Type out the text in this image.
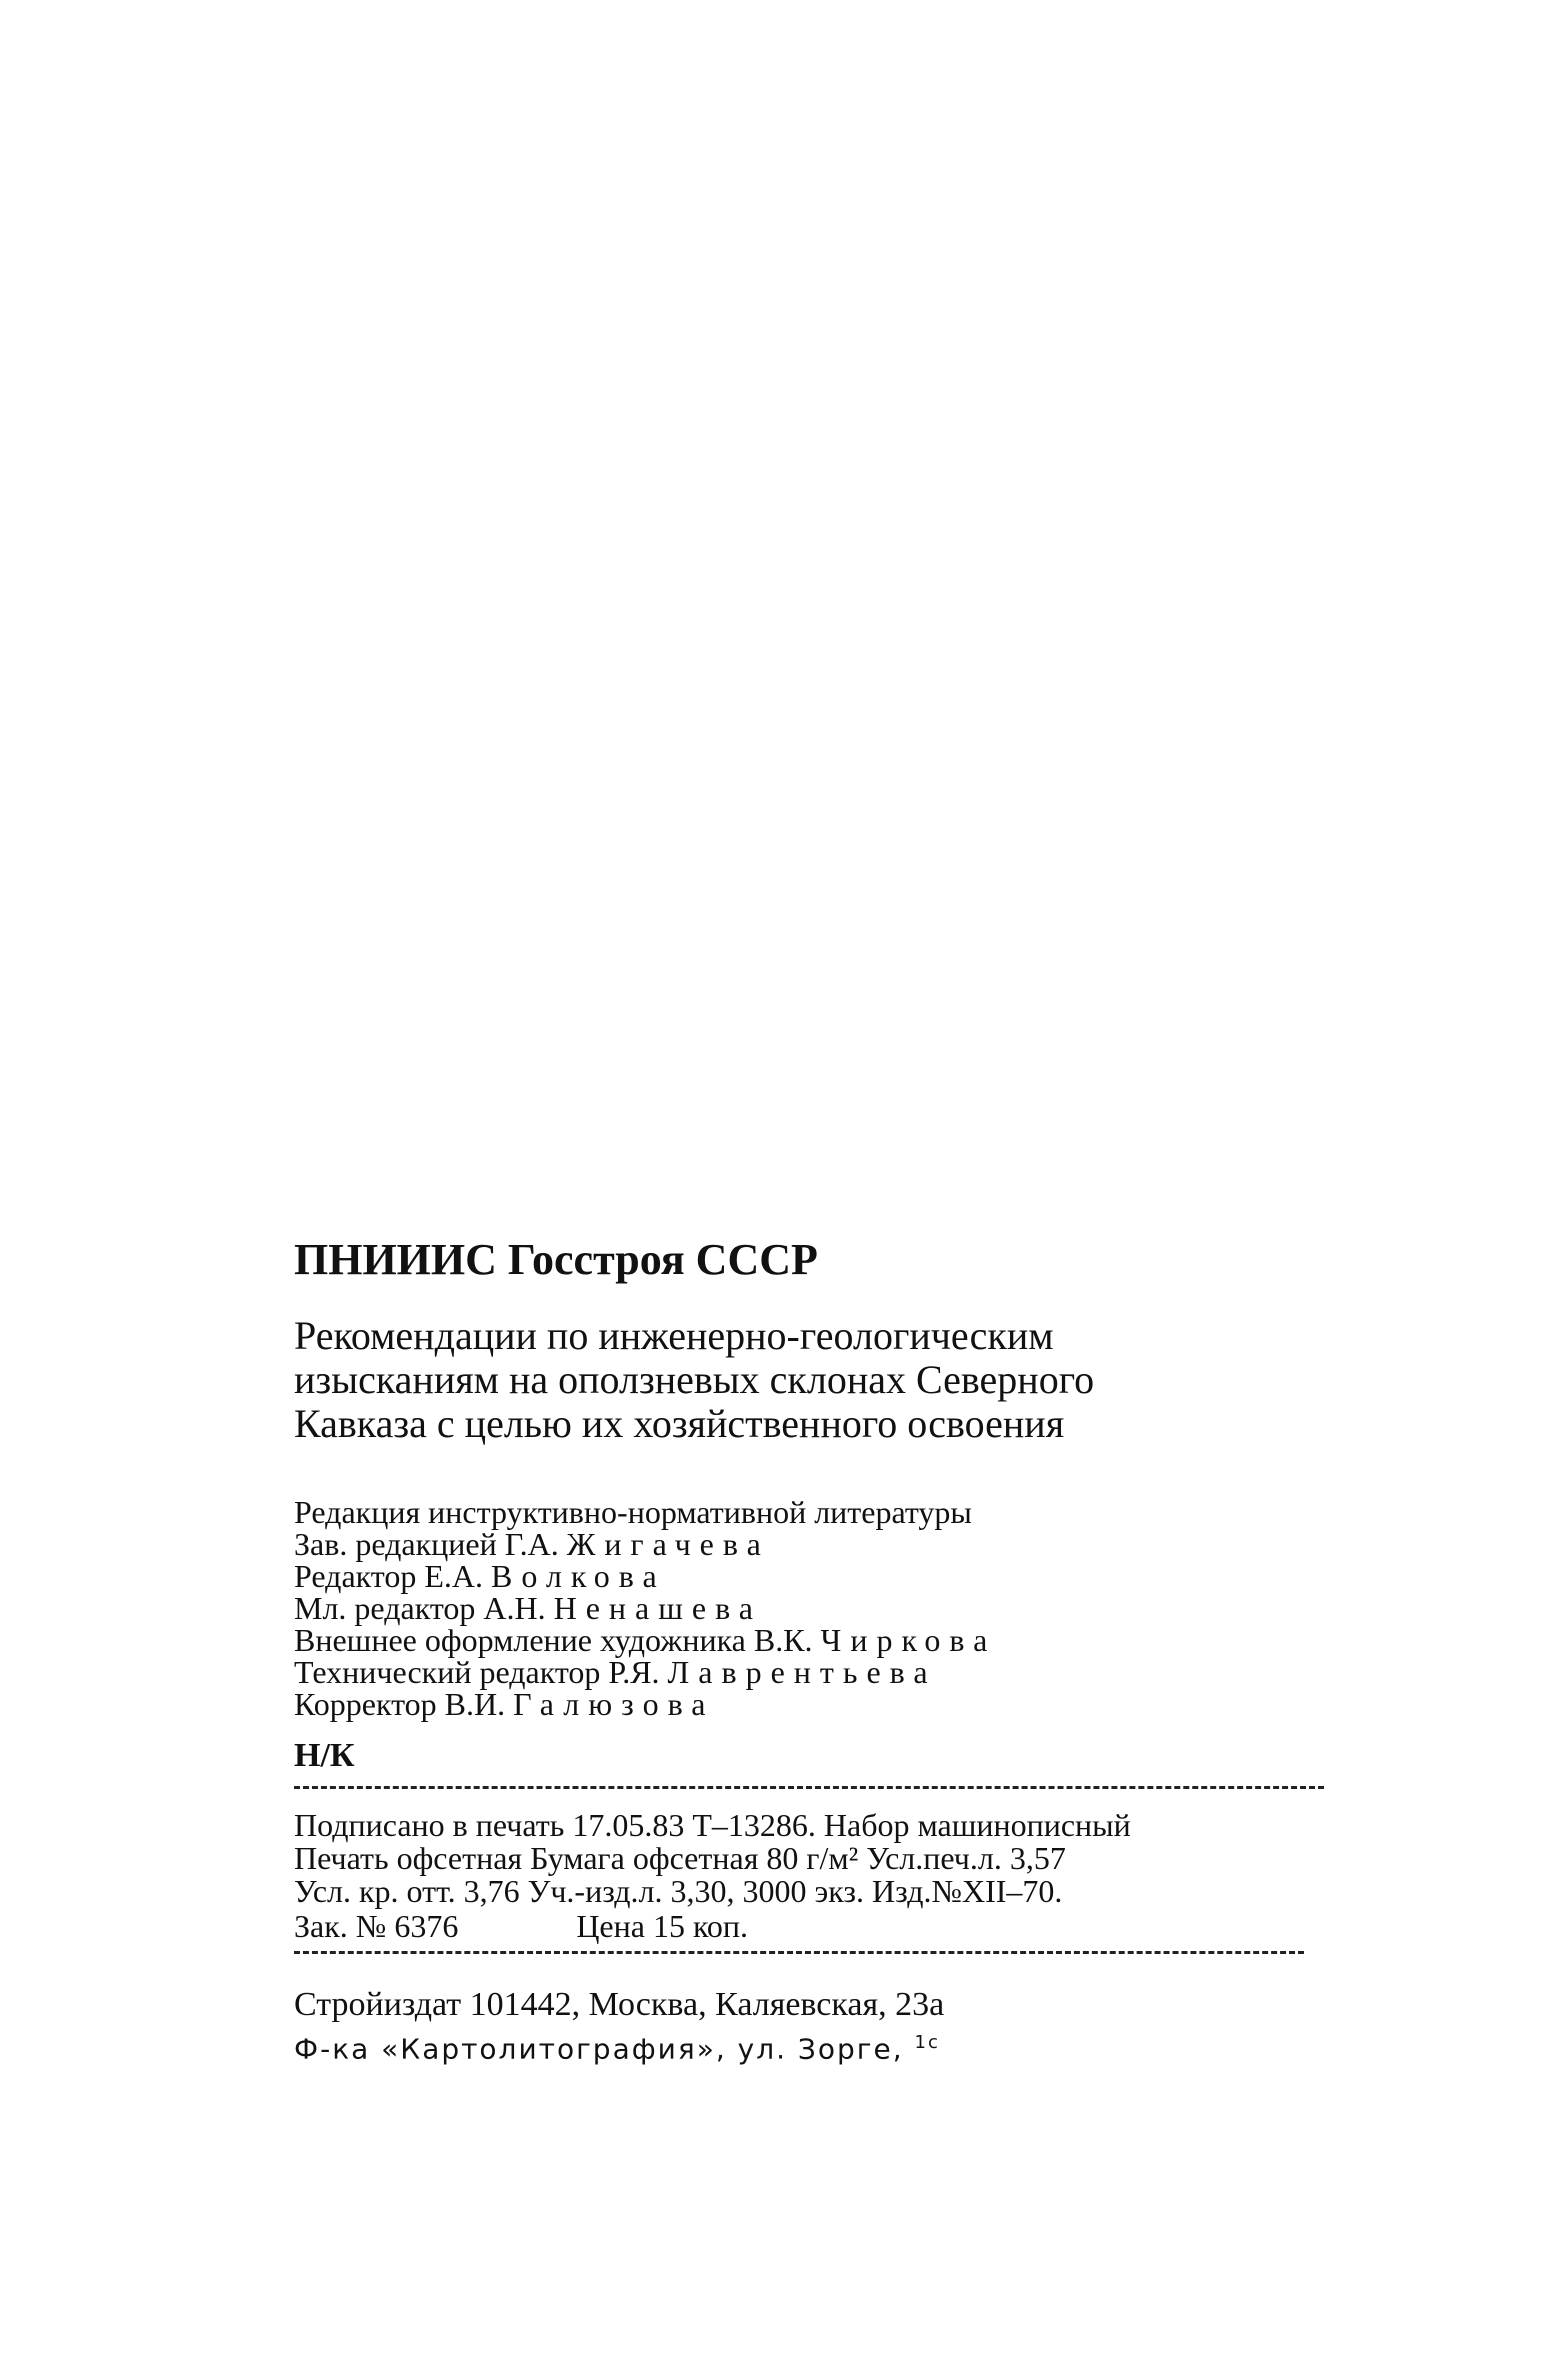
ПНИИИС Госстроя СССР
Рекомендации по инженерно-геологическим
изысканиям на оползневых склонах Северного
Кавказа с целью их хозяйственного освоения
Редакция инструктивно-нормативной литературы
Зав. редакцией Г.А. Жигачева
Редактор Е.А. Волкова
Мл. редактор А.Н. Ненашева
Внешнее оформление художника В.К. Чиркова
Технический редактор Р.Я. Лаврентьева
Корректор В.И. Галюзова
Н/К
Подписано в печать 17.05.83 Т–13286. Набор машинописный
Печать офсетная Бумага офсетная 80 г/м² Усл.печ.л. 3,57
Усл. кр. отт. 3,76 Уч.-изд.л. 3,30, 3000 экз. Изд.№XII–70.
Зак. № 6376	Цена 15 коп.
Стройиздат 101442, Москва, Каляевская, 23а
Ф-ка «Картолитография», ул. Зорге, $^{1с}$
